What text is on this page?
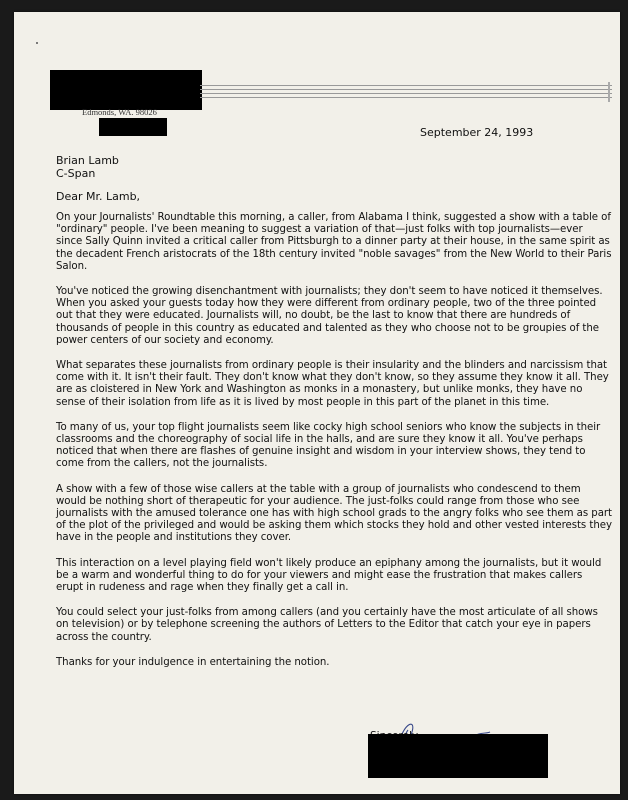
Edmonds, WA. 98026
September 24, 1993
Brian Lamb
C-Span
Dear Mr. Lamb,

On your Journalists' Roundtable this morning, a caller, from Alabama I think, suggested a show with a table of "ordinary" people. I've been meaning to suggest a variation of that—just folks with top journalists—ever since Sally Quinn invited a critical caller from Pittsburgh to a dinner party at their house, in the same spirit as the decadent French aristocrats of the 18th century invited "noble savages" from the New World to their Paris Salon.

You've noticed the growing disenchantment with journalists; they don't seem to have noticed it themselves. When you asked your guests today how they were different from ordinary people, two of the three pointed out that they were educated. Journalists will, no doubt, be the last to know that there are hundreds of thousands of people in this country as educated and talented as they who choose not to be groupies of the power centers of our society and economy.

What separates these journalists from ordinary people is their insularity and the blinders and narcissism that come with it. It isn't their fault. They don't know what they don't know, so they assume they know it all. They are as cloistered in New York and Washington as monks in a monastery, but unlike monks, they have no sense of their isolation from life as it is lived by most people in this part of the planet in this time.

To many of us, your top flight journalists seem like cocky high school seniors who know the subjects in their classrooms and the choreography of social life in the halls, and are sure they know it all. You've perhaps noticed that when there are flashes of genuine insight and wisdom in your interview shows, they tend to come from the callers, not the journalists.

A show with a few of those wise callers at the table with a group of journalists who condescend to them would be nothing short of therapeutic for your audience. The just-folks could range from those who see journalists with the amused tolerance one has with high school grads to the angry folks who see them as part of the plot of the privileged and would be asking them which stocks they hold and other vested interests they have in the people and institutions they cover.

This interaction on a level playing field won't likely produce an epiphany among the journalists, but it would be a warm and wonderful thing to do for your viewers and might ease the frustration that makes callers erupt in rudeness and rage when they finally get a call in.

You could select your just-folks from among callers (and you certainly have the most articulate of all shows on television) or by telephone screening the authors of Letters to the Editor that catch your eye in papers across the country.

Thanks for your indulgence in entertaining the notion.
